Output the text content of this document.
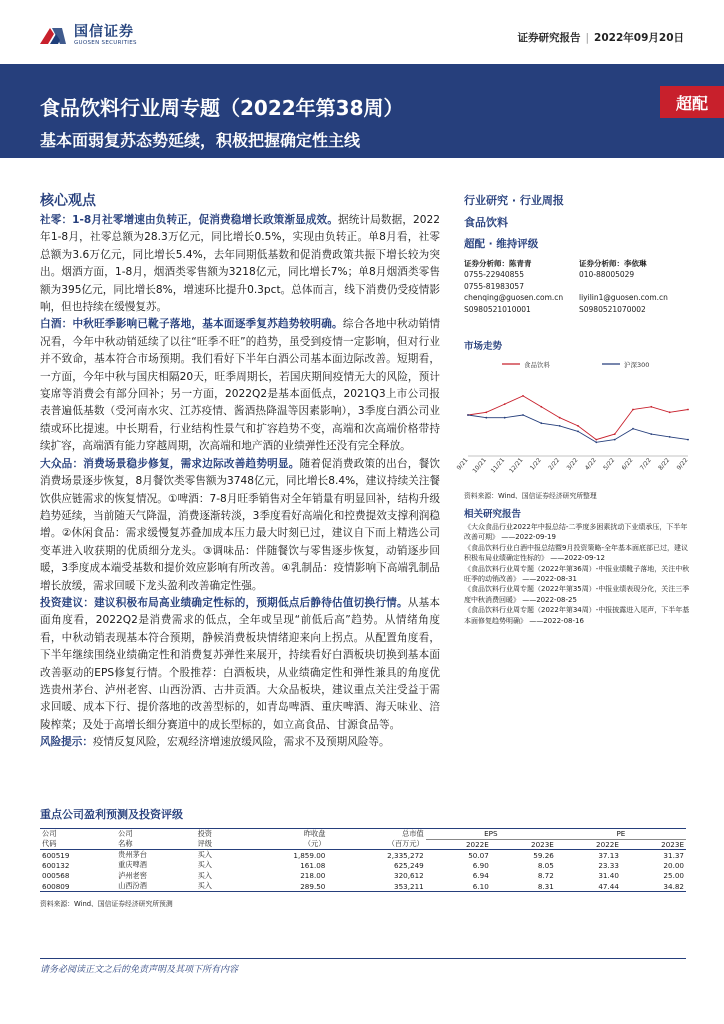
国信证券
GUOSEN SECURITIES	证券研究报告 | 2022年09月20日
食品饮料行业周专题（2022年第38周）
基本面弱复苏态势延续，积极把握确定性主线
超配
核心观点

社零：1-8月社零增速由负转正，促消费稳增长政策渐显成效。据统计局数据，2022年1-8月，社零总额为28.3万亿元，同比增长0.5%，实现由负转正。单8月看，社零总额为3.6万亿元，同比增长5.4%，去年同期低基数和促消费政策共振下增长较为突出。烟酒方面，1-8月，烟酒类零售额为3218亿元，同比增长7%；单8月烟酒类零售额为395亿元，同比增长8%，增速环比提升0.3pct。总体而言，线下消费仍受疫情影响，但也持续在缓慢复苏。

白酒：中秋旺季影响已靴子落地，基本面逐季复苏趋势较明确。综合各地中秋动销情况看，今年中秋动销延续了以往“旺季不旺”的趋势，虽受到疫情一定影响，但对行业并不致命，基本符合市场预期。我们看好下半年白酒公司基本面边际改善。短期看，一方面，今年中秋与国庆相隔20天，旺季周期长，若国庆期间疫情无大的风险，预计宴席等消费会有部分回补；另一方面，2022Q2是基本面低点，2021Q3上市公司报表普遍低基数（受河南水灾、江苏疫情、酱酒热降温等因素影响），3季度白酒公司业绩或环比提速。中长期看，行业结构性景气和扩容趋势不变，高端和次高端价格带持续扩容，高端酒有能力穿越周期，次高端和地产酒的业绩弹性还没有完全释放。

大众品：消费场景稳步修复，需求边际改善趋势明显。随着促消费政策的出台，餐饮消费场景逐步恢复，8月餐饮类零售额为3748亿元，同比增长8.4%，建议持续关注餐饮供应链需求的恢复情况。①啤酒：7-8月旺季销售对全年销量有明显回补，结构升级趋势延续，当前随天气降温，消费逐渐转淡，3季度看好高端化和控费提效支撑利润稳增。②休闲食品：需求缓慢复苏叠加成本压力最大时刻已过，建议自下而上精选公司变革进入收获期的优质细分龙头。③调味品：伴随餐饮与零售逐步恢复，动销逐步回暖，3季度成本端受基数和提价效应影响有所改善。④乳制品：疫情影响下高端乳制品增长放缓，需求回暖下龙头盈利改善确定性强。

投资建议：建议积极布局高业绩确定性标的，预期低点后静待估值切换行情。从基本面角度看，2022Q2是消费需求的低点，全年或呈现“前低后高”趋势。从情绪角度看，中秋动销表现基本符合预期，静候消费板块情绪迎来向上拐点。从配置角度看，下半年继续围绕业绩确定性和消费复苏弹性来展开，持续看好白酒板块切换到基本面改善驱动的EPS修复行情。个股推荐：白酒板块，从业绩确定性和弹性兼具的角度优选贵州茅台、泸州老窖、山西汾酒、古井贡酒。大众品板块，建议重点关注受益于需求回暖、成本下行、提价落地的改善型标的，如青岛啤酒、重庆啤酒、海天味业、涪陵榨菜；及处于高增长细分赛道中的成长型标的，如立高食品、甘源食品等。

风险提示：疫情反复风险，宏观经济增速放缓风险，需求不及预期风险等。

行业研究 · 行业周报
食品饮料
超配 · 维持评级
证券分析师：陈青青
0755-22940855
0755-81983057
chenqing@guosen.com.cn
S0980521010001
证券分析师：李依琳
010-88005029

liyilin1@guosen.com.cn
S0980521070002
市场走势
食品饮料	沪深300
9/21 10/21 11/21 12/21 1/22 2/22 3/22 4/22 5/22 6/22 7/22 8/22 9/22
资料来源：Wind、国信证券经济研究所整理
相关研究报告

《大众食品行业2022年中报总结-二季度多困素扰动下业绩承压，下半年改善可期》 ——2022-09-19

《食品饮料行业白酒中报总结暨9月投资策略-全年基本面底部已过，建议积极布局业绩确定性标的》 ——2022-09-12

《食品饮料行业周专题（2022年第36周）-中报业绩靴子落地，关注中秋旺季的动销改善》 ——2022-08-31

《食品饮料行业周专题（2022年第35周）-中报业绩表现分化，关注三季度中秋消费回暖》 ——2022-08-25

《食品饮料行业周专题（2022年第34周）-中报披露进入尾声，下半年基本面修复趋势明确》 ——2022-08-16

重点公司盈利预测及投资评级
公司	公司	投资	昨收盘	总市值	EPS		PE	
代码	名称	评级	（元）	（百万元）	2022E	2023E	2022E	2023E
600519	贵州茅台	买入	1,859.00	2,335,272	50.07	59.26	37.13	31.37
600132	重庆啤酒	买入	161.08	625,249	6.90	8.05	23.33	20.00
000568	泸州老窖	买入	218.00	320,612	6.94	8.72	31.40	25.00
600809	山西汾酒	买入	289.50	353,211	6.10	8.31	47.44	34.82
资料来源：Wind、国信证券经济研究所预测
请务必阅读正文之后的免责声明及其项下所有内容
